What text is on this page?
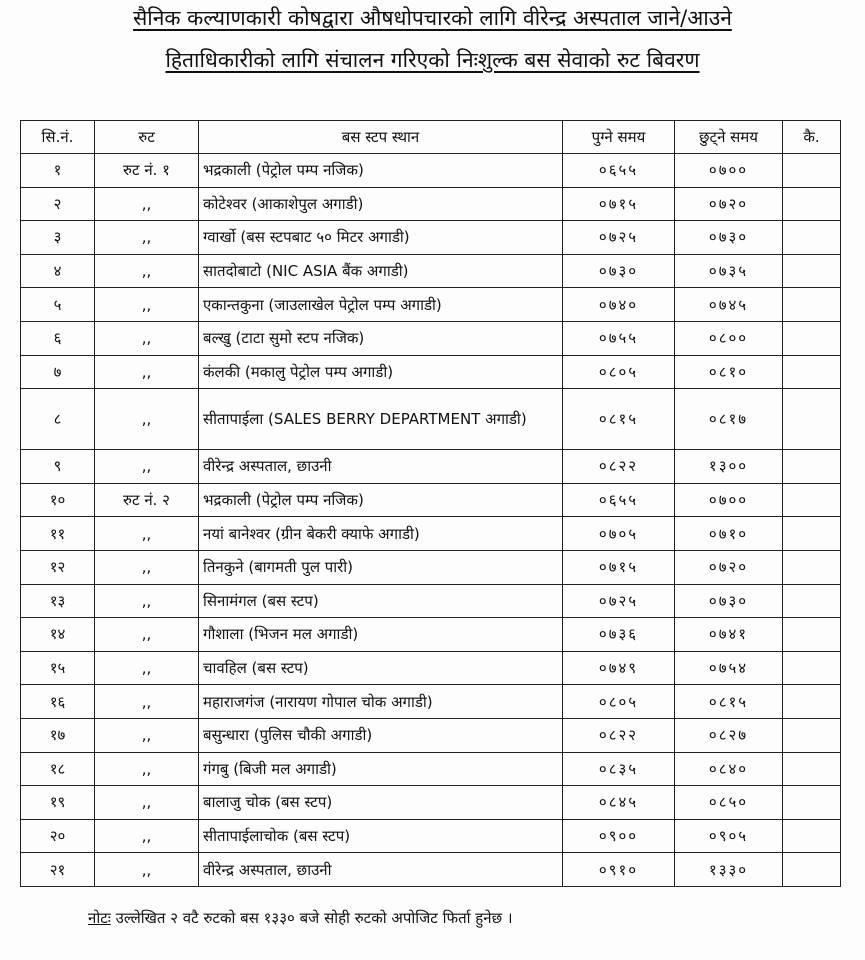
सैनिक कल्याणकारी कोषद्वारा औषधोपचारको लागि वीरेन्द्र अस्पताल जाने/आउने
हिताधिकारीको लागि संचालन गरिएको निःशुल्क बस सेवाको रुट बिवरण
सि.नं.	रुट	बस स्टप स्थान	पुग्ने समय	छुट्ने समय	कै.
१	रुट नं. १	भद्रकाली (पेट्रोल पम्प नजिक)	०६५५	०७००	
२	,,	कोटेश्वर (आकाशेपुल अगाडी)	०७१५	०७२०	
३	,,	ग्वार्खो (बस स्टपबाट ५० मिटर अगाडी)	०७२५	०७३०	
४	,,	सातदोबाटो (NIC ASIA बैंक अगाडी)	०७३०	०७३५	
५	,,	एकान्तकुना (जाउलाखेल पेट्रोल पम्प अगाडी)	०७४०	०७४५	
६	,,	बल्खु (टाटा सुमो स्टप नजिक)	०७५५	०८००	
७	,,	कंलकी (मकालु पेट्रोल पम्प अगाडी)	०८०५	०८१०	
८	,,	सीतापाईला (SALES BERRY DEPARTMENT अगाडी)	०८१५	०८१७	
९	,,	वीरेन्द्र अस्पताल, छाउनी	०८२२	१३००	
१०	रुट नं. २	भद्रकाली (पेट्रोल पम्प नजिक)	०६५५	०७००	
११	,,	नयां बानेश्वर (ग्रीन बेकरी क्याफे अगाडी)	०७०५	०७१०	
१२	,,	तिनकुने (बागमती पुल पारी)	०७१५	०७२०	
१३	,,	सिनामंगल (बस स्टप)	०७२५	०७३०	
१४	,,	गौशाला (भिजन मल अगाडी)	०७३६	०७४१	
१५	,,	चावहिल (बस स्टप)	०७४९	०७५४	
१६	,,	महाराजगंज (नारायण गोपाल चोक अगाडी)	०८०५	०८१५	
१७	,,	बसुन्धारा (पुलिस चौकी अगाडी)	०८२२	०८२७	
१८	,,	गंगबु (बिजी मल अगाडी)	०८३५	०८४०	
१९	,,	बालाजु चोक (बस स्टप)	०८४५	०८५०	
२०	,,	सीतापाईलाचोक (बस स्टप)	०९००	०९०५	
२१	,,	वीरेन्द्र अस्पताल, छाउनी	०९१०	१३३०	
नोटः उल्लेखित २ वटै रुटको बस १३३० बजे सोही रुटको अपोजिट फिर्ता हुनेछ ।
